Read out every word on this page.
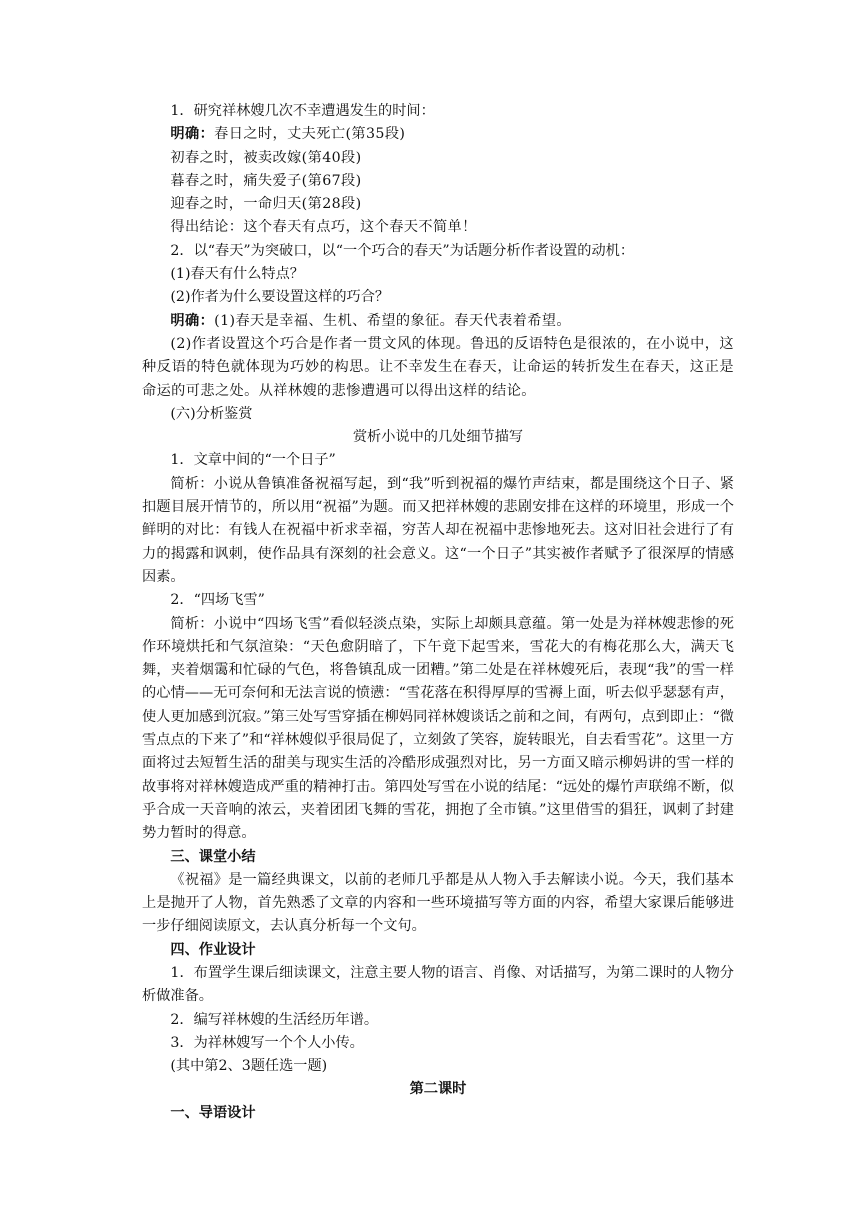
1．研究祥林嫂几次不幸遭遇发生的时间：

明确：春日之时，丈夫死亡(第35段)

初春之时，被卖改嫁(第40段)

暮春之时，痛失爱子(第67段)

迎春之时，一命归天(第28段)

得出结论：这个春天有点巧，这个春天不简单！

2．以“春天”为突破口，以“一个巧合的春天”为话题分析作者设置的动机：

(1)春天有什么特点？

(2)作者为什么要设置这样的巧合？

明确：(1)春天是幸福、生机、希望的象征。春天代表着希望。

(2)作者设置这个巧合是作者一贯文风的体现。鲁迅的反语特色是很浓的，在小说中，这种反语的特色就体现为巧妙的构思。让不幸发生在春天，让命运的转折发生在春天，这正是命运的可悲之处。从祥林嫂的悲惨遭遇可以得出这样的结论。

(六)分析鉴赏

赏析小说中的几处细节描写

1．文章中间的“一个日子”

简析：小说从鲁镇准备祝福写起，到“我”听到祝福的爆竹声结束，都是围绕这个日子、紧扣题目展开情节的，所以用“祝福”为题。而又把祥林嫂的悲剧安排在这样的环境里，形成一个鲜明的对比：有钱人在祝福中祈求幸福，穷苦人却在祝福中悲惨地死去。这对旧社会进行了有力的揭露和讽刺，使作品具有深刻的社会意义。这“一个日子”其实被作者赋予了很深厚的情感因素。

2．“四场飞雪”

简析：小说中“四场飞雪”看似轻淡点染，实际上却颇具意蕴。第一处是为祥林嫂悲惨的死作环境烘托和气氛渲染：“天色愈阴暗了，下午竟下起雪来，雪花大的有梅花那么大，满天飞舞，夹着烟霭和忙碌的气色，将鲁镇乱成一团糟。”第二处是在祥林嫂死后，表现“我”的雪一样的心情——无可奈何和无法言说的愤懑：“雪花落在积得厚厚的雪褥上面，听去似乎瑟瑟有声，使人更加感到沉寂。”第三处写雪穿插在柳妈同祥林嫂谈话之前和之间，有两句，点到即止：“微雪点点的下来了”和“祥林嫂似乎很局促了，立刻敛了笑容，旋转眼光，自去看雪花”。这里一方面将过去短暂生活的甜美与现实生活的冷酷形成强烈对比，另一方面又暗示柳妈讲的雪一样的故事将对祥林嫂造成严重的精神打击。第四处写雪在小说的结尾：“远处的爆竹声联绵不断，似乎合成一天音响的浓云，夹着团团飞舞的雪花，拥抱了全市镇。”这里借雪的猖狂，讽刺了封建势力暂时的得意。

三、课堂小结

《祝福》是一篇经典课文，以前的老师几乎都是从人物入手去解读小说。今天，我们基本上是抛开了人物，首先熟悉了文章的内容和一些环境描写等方面的内容，希望大家课后能够进一步仔细阅读原文，去认真分析每一个文句。

四、作业设计

1．布置学生课后细读课文，注意主要人物的语言、肖像、对话描写，为第二课时的人物分析做准备。

2．编写祥林嫂的生活经历年谱。

3．为祥林嫂写一个个人小传。

(其中第2、3题任选一题)

第二课时

一、导语设计
